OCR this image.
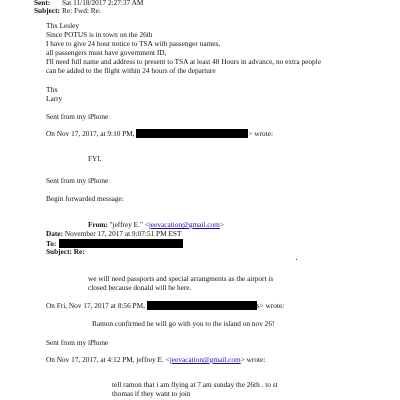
Sent: Sat 11/18/2017 2:27:37 AM
Subject: Re: Fwd: Re:
Thx Lesley
Since POTUS is in town on the 26th
I have to give 24 hour notice to TSA with passenger names,
all passengers must have government ID,
I'll need full name and address to present to TSA at least 48 Hours in advance, no extra people
can be added to the flight within 24 hours of the departure
Thx
Larry
Sent from my iPhone
On Nov 17, 2017, at 9:10 PM,	> wrote:
FYI.
Sent from my iPhone
Begin forwarded message:
From: "jeffrey E." <jeevacation@gmail.com>
Date: November 17, 2017 at 9:07:51 PM EST
To:
Subject: Re:
we will need passports and special arrangments as the airport is
closed because donald will be here.
On Fri, Nov 17, 2017 at 8:56 PM,	s> wrote:
Ramon confirmed he will go with you to the island on nov 26!
Sent from my iPhone
On Nov 17, 2017, at 4:12 PM, jeffrey E. <jeevacation@gmail.com> wrote:
tell ramon that i am flying at 7 am sunday the 26th . to st
thomas if they want to join
